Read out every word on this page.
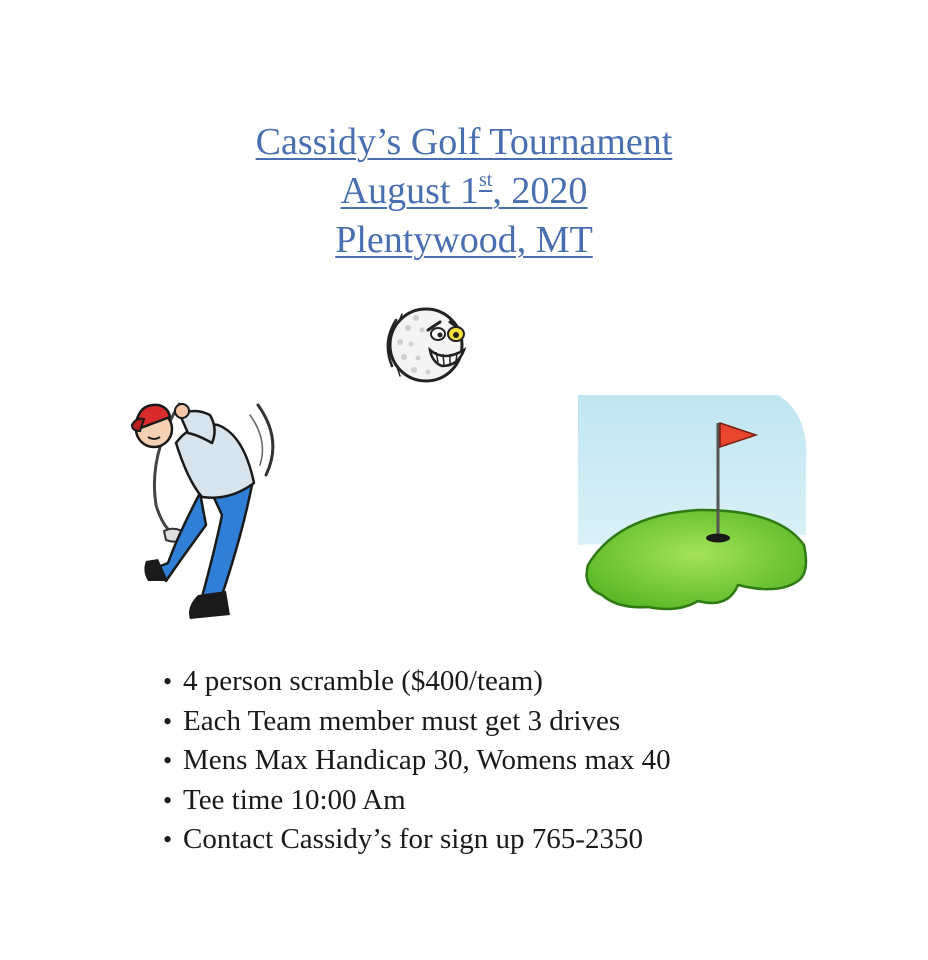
Cassidy’s Golf Tournament
August 1st, 2020
Plentywood, MT
• 4 person scramble ($400/team)
• Each Team member must get 3 drives
• Mens Max Handicap 30, Womens max 40
• Tee time 10:00 Am
• Contact Cassidy’s for sign up 765-2350
